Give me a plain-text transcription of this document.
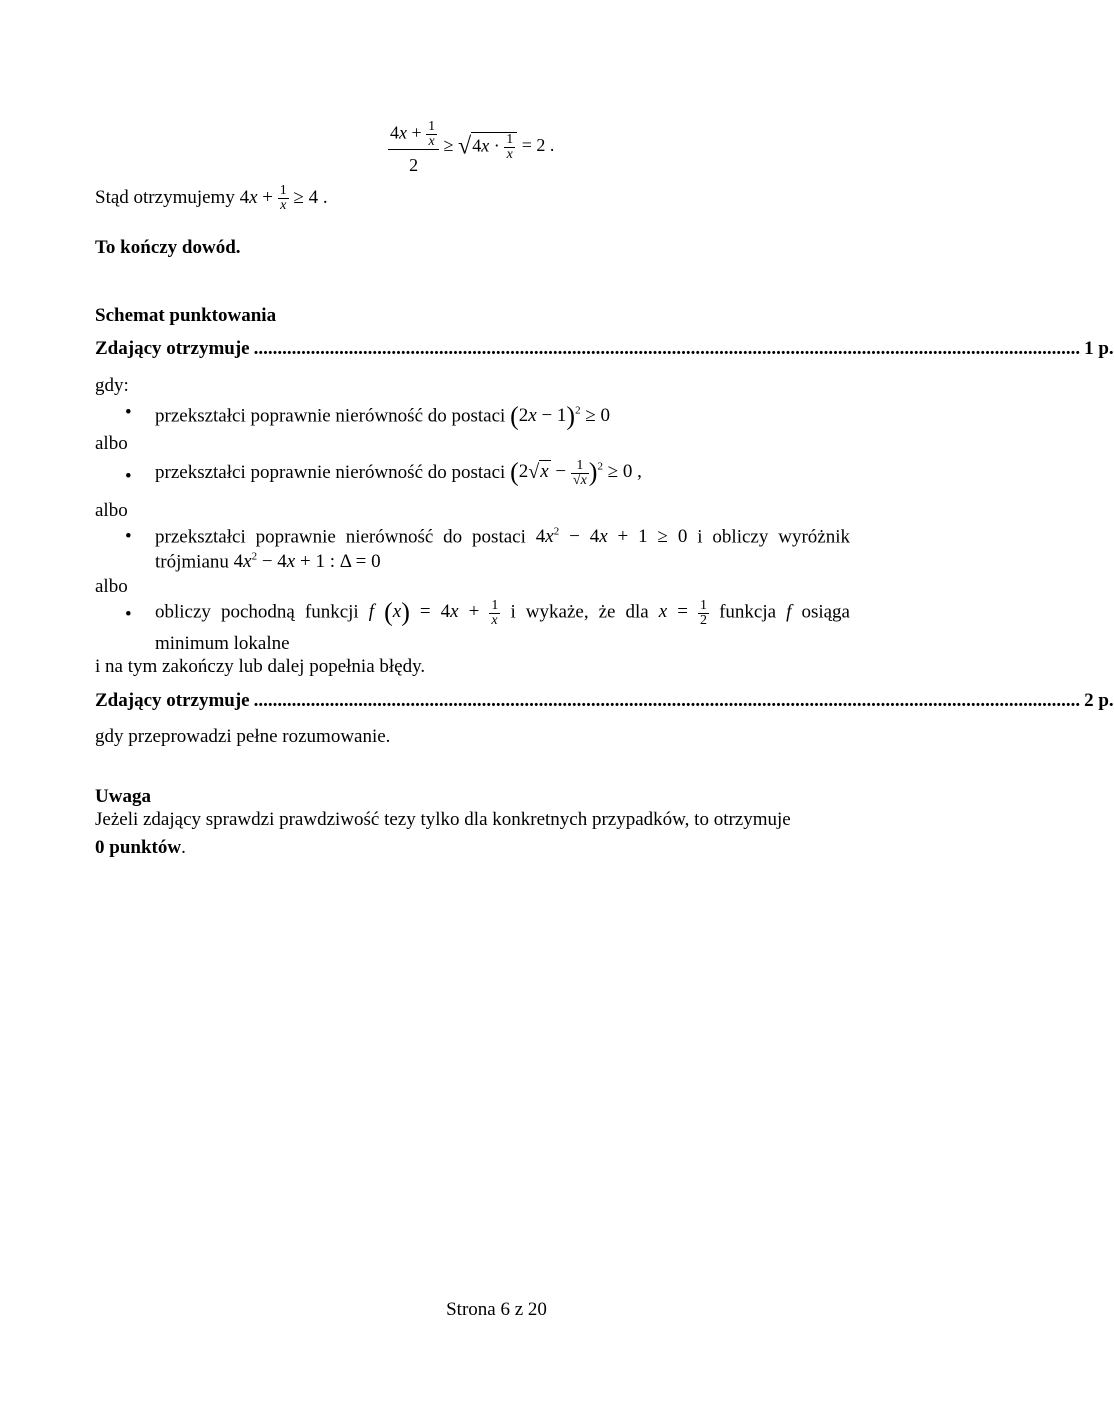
$\frac{4x + \frac{1}{x}}{2} \ge √4x \cdot \frac{1}{x} = 2$ .
Stąd otrzymujemy $4x + \frac{1}{x} \ge 4$ .
To kończy dowód.
Schemat punktowania
Zdający otrzymuje .............................................................................................................................................................................. 1 p.
gdy:
• przekształci poprawnie nierówność do postaci $(2x - 1)^2 \ge 0$
albo
• przekształci poprawnie nierówność do postaci $(2√x - \frac{1}{√x} )^2 \ge 0$ ,
albo
• przekształci poprawnie nierówność do postaci $4x^2 - 4x + 1 \ge 0$ i obliczy wyróżnik
trójmianu $4x^2 - 4x + 1$ : Δ = 0
albo
• obliczy pochodną funkcji f $(x) = 4x + \frac{1}{x}$ i wykaże, że dla $x = \frac{1}{2}$ funkcja f osiąga
minimum lokalne
i na tym zakończy lub dalej popełnia błędy.
Zdający otrzymuje .............................................................................................................................................................................. 2 p.
gdy przeprowadzi pełne rozumowanie.
Uwaga
Jeżeli zdający sprawdzi prawdziwość tezy tylko dla konkretnych przypadków, to otrzymuje
0 punktów.
Strona 6 z 20
